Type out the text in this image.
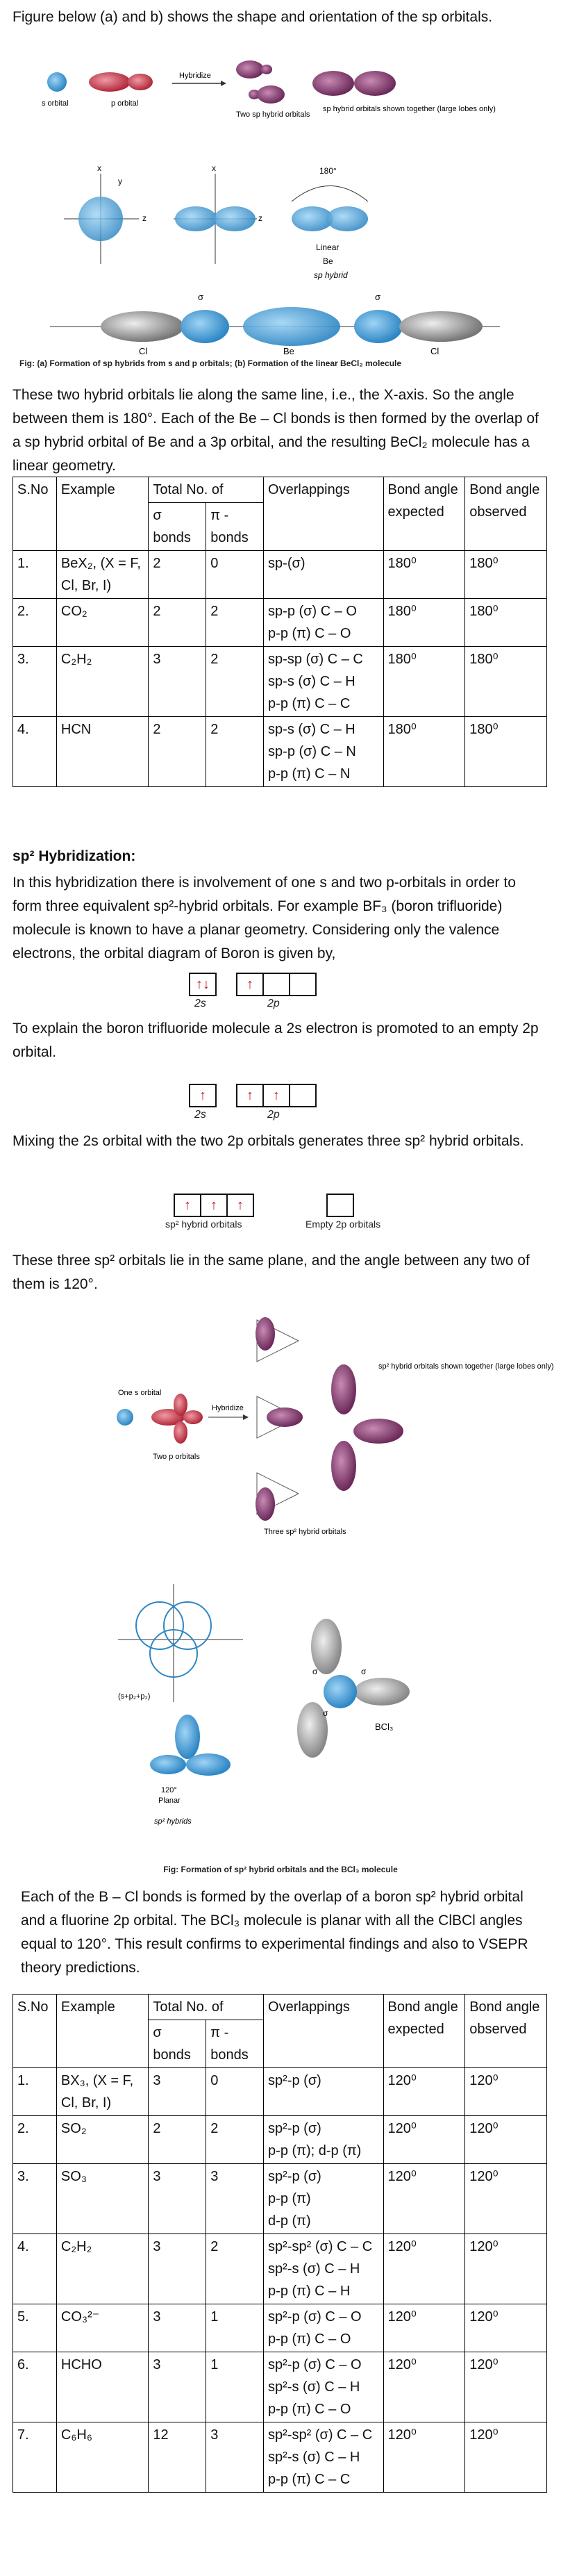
Figure below (a) and b) shows the shape and orientation of the sp orbitals.

s orbital	p orbital
Hybridize
Two sp hybrid orbitals
sp hybrid orbitals shown together (large lobes only)
x
z
y
x
z
180°
Linear
Be
sp hybrid
σ	σ
Cl	Be	Cl
Fig: (a) Formation of sp hybrids from s and p orbitals; (b) Formation of the linear BeCl₂ molecule

These two hybrid orbitals lie along the same line, i.e., the X-axis. So the angle between them is 180°. Each of the Be – Cl bonds is then formed by the overlap of a sp hybrid orbital of Be and a 3p orbital, and the resulting BeCl₂ molecule has a linear geometry.

S.No	Example	Total No. of		Overlappings	Bond angle expected	Bond angle observed
		σ bonds	π - bonds			
1.	BeX₂, (X = F, Cl, Br, I)	2	0	sp-(σ)	180⁰	180⁰
2.	CO₂	2	2	sp-p (σ) C – O
p-p (π) C – O	180⁰	180⁰
3.	C₂H₂	3	2	sp-sp (σ) C – C
sp-s (σ) C – H
p-p (π) C – C	180⁰	180⁰
4.	HCN	2	2	sp-s (σ) C – H
sp-p (σ) C – N
p-p (π) C – N	180⁰	180⁰

sp² Hybridization:

In this hybridization there is involvement of one s and two p-orbitals in order to form three equivalent sp²-hybrid orbitals. For example BF₃ (boron trifluoride) molecule is known to have a planar geometry. Considering only the valence electrons, the orbital diagram of Boron is given by,

↑↓	↑
2s	2p

To explain the boron trifluoride molecule a 2s electron is promoted to an empty 2p orbital.

↑	↑	↑
2s	2p

Mixing the 2s orbital with the two 2p orbitals generates three sp² hybrid orbitals.

↑	↑	↑
sp² hybrid orbitals	Empty 2p orbitals

These three sp² orbitals lie in the same plane, and the angle between any two of them is 120°.

One s orbital
Two p orbitals
Hybridize
Three sp² hybrid orbitals
sp² hybrid orbitals shown together (large lobes only)
(s+p₂+p₂)
120°
Planar
sp² hybrids
σ	σ
σ
BCl₃
Fig: Formation of sp² hybrid orbitals and the BCl₃ molecule

Each of the B – Cl bonds is formed by the overlap of a boron sp² hybrid orbital and a fluorine 2p orbital. The BCl₃ molecule is planar with all the ClBCl angles equal to 120°. This result confirms to experimental findings and also to VSEPR theory predictions.

S.No	Example	Total No. of		Overlappings	Bond angle expected	Bond angle observed
		σ bonds	π - bonds			
1.	BX₃, (X = F, Cl, Br, I)	3	0	sp²-p (σ)	120⁰	120⁰
2.	SO₂	2	2	sp²-p (σ)
p-p (π); d-p (π)	120⁰	120⁰
3.	SO₃	3	3	sp²-p (σ)
p-p (π)
d-p (π)	120⁰	120⁰
4.	C₂H₂	3	2	sp²-sp² (σ) C – C sp²-s (σ) C – H
p-p (π) C – H	120⁰	120⁰
5.	CO₃²⁻	3	1	sp²-p (σ) C – O
p-p (π) C – O	120⁰	120⁰
6.	HCHO	3	1	sp²-p (σ) C – O
sp²-s (σ) C – H
p-p (π) C – O	120⁰	120⁰
7.	C₆H₆	12	3	sp²-sp² (σ) C – C
sp²-s (σ) C – H
p-p (π) C – C	120⁰	120⁰
